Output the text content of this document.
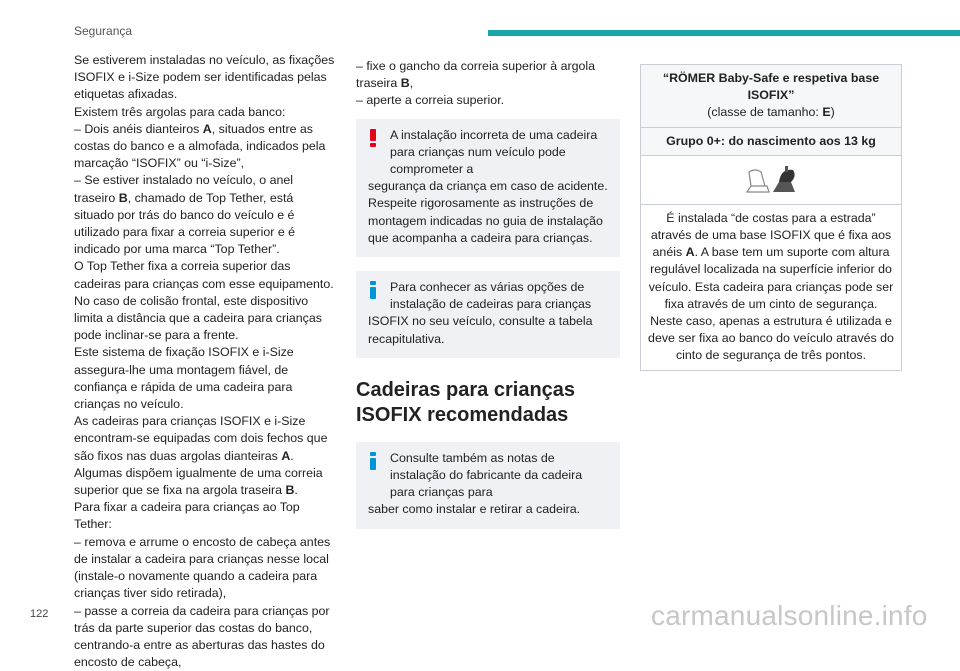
Segurança

Se estiverem instaladas no veículo, as fixações ISOFIX e i-Size podem ser identificadas pelas etiquetas afixadas.

Existem três argolas para cada banco:

– Dois anéis dianteiros A, situados entre as costas do banco e a almofada, indicados pela marcação “ISOFIX” ou “i-Size”,

– Se estiver instalado no veículo, o anel traseiro B, chamado de Top Tether, está situado por trás do banco do veículo e é utilizado para fixar a correia superior e é indicado por uma marca “Top Tether”.

O Top Tether fixa a correia superior das cadeiras para crianças com esse equipamento. No caso de colisão frontal, este dispositivo limita a distância que a cadeira para crianças pode inclinar-se para a frente.

Este sistema de fixação ISOFIX e i-Size assegura-lhe uma montagem fiável, de confiança e rápida de uma cadeira para crianças no veículo.

As cadeiras para crianças ISOFIX e i-Size encontram-se equipadas com dois fechos que são fixos nas duas argolas dianteiras A.

Algumas dispõem igualmente de uma correia superior que se fixa na argola traseira B.

Para fixar a cadeira para crianças ao Top Tether:

– remova e arrume o encosto de cabeça antes de instalar a cadeira para crianças nesse local (instale-o novamente quando a cadeira para crianças tiver sido retirada),

– passe a correia da cadeira para crianças por trás da parte superior das costas do banco, centrando-a entre as aberturas das hastes do encosto de cabeça,

– fixe o gancho da correia superior à argola traseira B,

– aperte a correia superior.

A instalação incorreta de uma cadeira para crianças num veículo pode comprometer a

segurança da criança em caso de acidente. Respeite rigorosamente as instruções de montagem indicadas no guia de instalação que acompanha a cadeira para crianças.

Para conhecer as várias opções de instalação de cadeiras para crianças

ISOFIX no seu veículo, consulte a tabela recapitulativa.

Cadeiras para crianças ISOFIX recomendadas

Consulte também as notas de instalação do fabricante da cadeira para crianças para

saber como instalar e retirar a cadeira.

“RÖMER Baby-Safe e respetiva base ISOFIX”
(classe de tamanho: E)
Grupo 0+: do nascimento aos 13 kg
É instalada “de costas para a estrada” através de uma base ISOFIX que é fixa aos anéis A. A base tem um suporte com altura regulável localizada na superfície inferior do veículo. Esta cadeira para crianças pode ser fixa através de um cinto de segurança. Neste caso, apenas a estrutura é utilizada e deve ser fixa ao banco do veículo através do cinto de segurança de três pontos.
122	carmanualsonline.info
